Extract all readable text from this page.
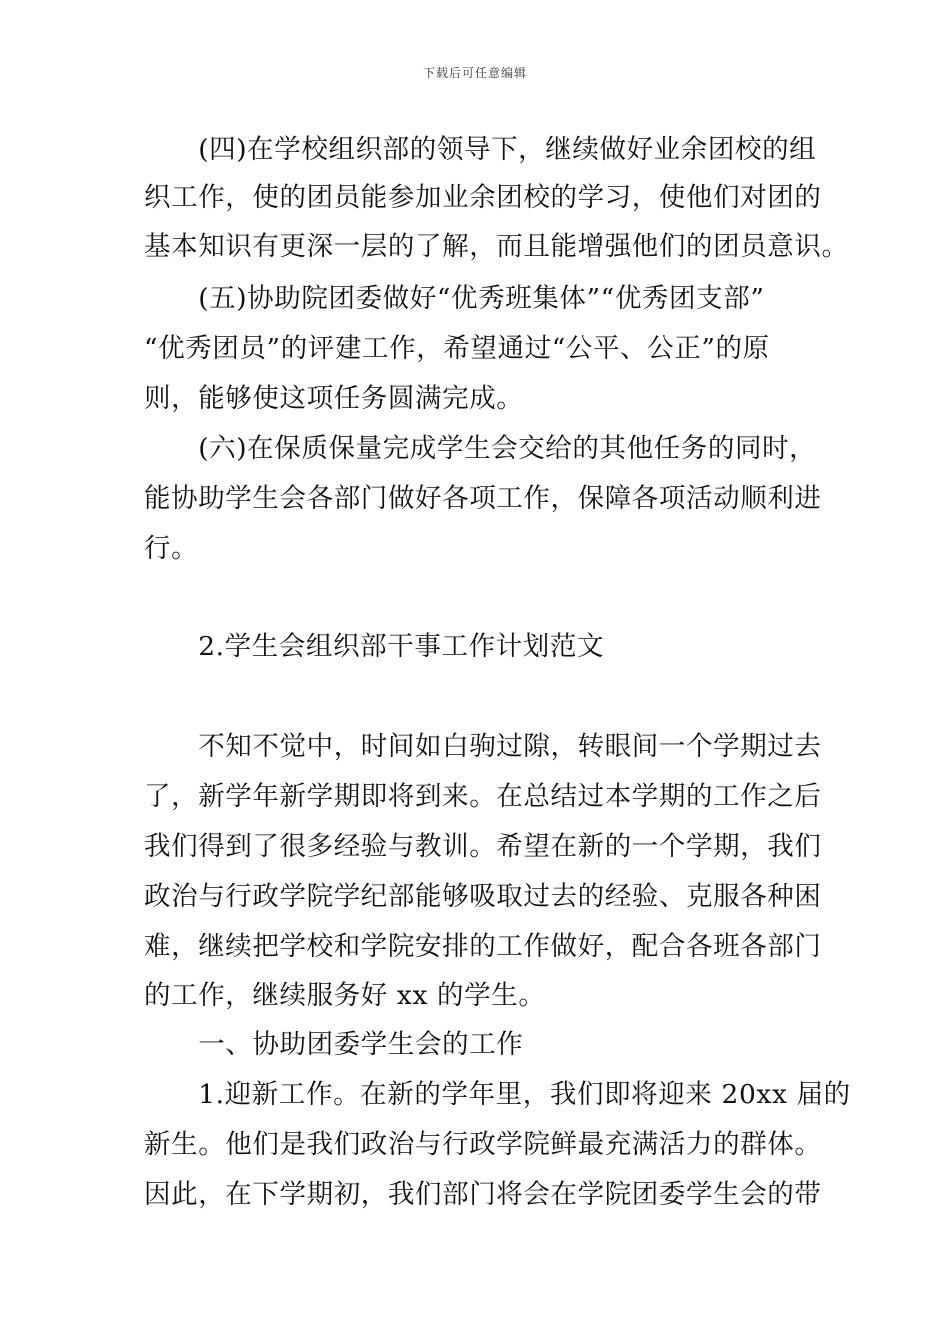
下载后可任意编辑
　　(四)在学校组织部的领导下，继续做好业余团校的组
织工作，使的团员能参加业余团校的学习，使他们对团的
基本知识有更深一层的了解，而且能增强他们的团员意识。
　　(五)协助院团委做好“优秀班集体”“优秀团支部”
“优秀团员”的评建工作，希望通过“公平、公正”的原
则，能够使这项任务圆满完成。
　　(六)在保质保量完成学生会交给的其他任务的同时，
能协助学生会各部门做好各项工作，保障各项活动顺利进
行。
　　2.学生会组织部干事工作计划范文
　　不知不觉中，时间如白驹过隙，转眼间一个学期过去
了，新学年新学期即将到来。在总结过本学期的工作之后
我们得到了很多经验与教训。希望在新的一个学期，我们
政治与行政学院学纪部能够吸取过去的经验、克服各种困
难，继续把学校和学院安排的工作做好，配合各班各部门
的工作，继续服务好 xx 的学生。
　　一、协助团委学生会的工作
　　1.迎新工作。在新的学年里，我们即将迎来 20xx 届的
新生。他们是我们政治与行政学院鲜最充满活力的群体。
因此，在下学期初，我们部门将会在学院团委学生会的带
